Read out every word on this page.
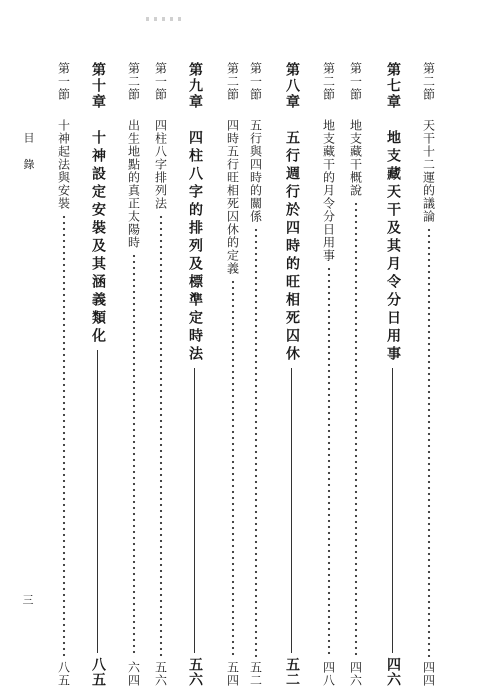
目 錄
三
第二節
天干十二運的議論
四四
第七章
地支藏天干及其月令分日用事
四六
第一節
地支藏干概說
四六
第二節
地支藏干的月令分日用事
四八
第八章
五行週行於四時的旺相死囚休
五二
第一節
五行與四時的關係
五二
第二節
四時五行旺相死囚休的定義
五四
第九章
四柱八字的排列及標準定時法
五六
第一節
四柱八字排列法
五六
第二節
出生地點的真正太陽時
六四
第十章
十神設定安裝及其涵義類化
八五
第一節
十神起法與安裝
八五
